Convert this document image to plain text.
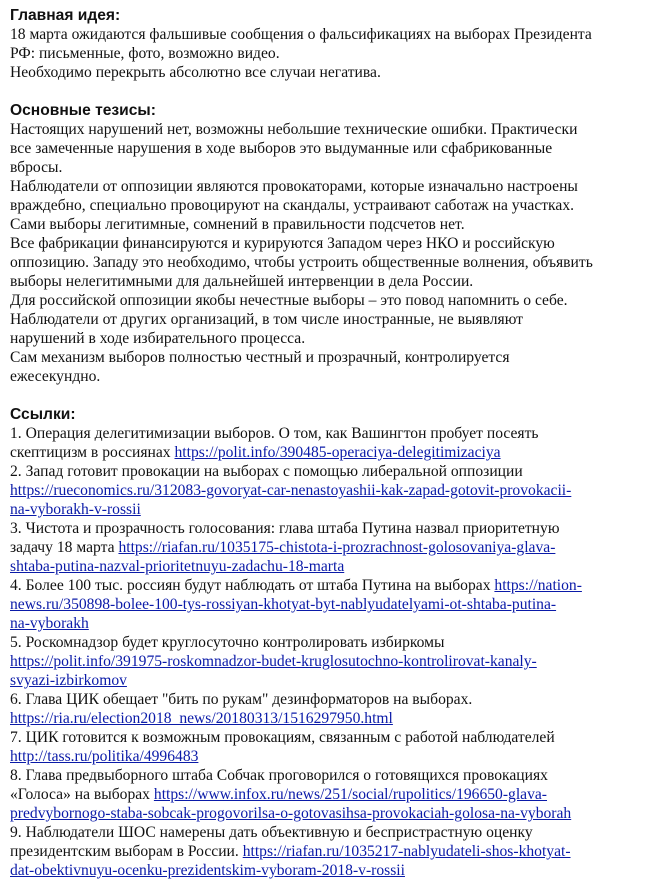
Главная идея:
18 марта ожидаются фальшивые сообщения о фальсификациях на выборах Президента
РФ: письменные, фото, возможно видео.
Необходимо перекрыть абсолютно все случаи негатива.
Основные тезисы:
Настоящих нарушений нет, возможны небольшие технические ошибки. Практически
все замеченные нарушения в ходе выборов это выдуманные или сфабрикованные
вбросы.
Наблюдатели от оппозиции являются провокаторами, которые изначально настроены
враждебно, специально провоцируют на скандалы, устраивают саботаж на участках.
Сами выборы легитимные, сомнений в правильности подсчетов нет.
Все фабрикации финансируются и курируются Западом через НКО и российскую
оппозицию. Западу это необходимо, чтобы устроить общественные волнения, объявить
выборы нелегитимными для дальнейшей интервенции в дела России.
Для российской оппозиции якобы нечестные выборы – это повод напомнить о себе.
Наблюдатели от других организаций, в том числе иностранные, не выявляют
нарушений в ходе избирательного процесса.
Сам механизм выборов полностью честный и прозрачный, контролируется
ежесекундно.
Ссылки:
1. Операция делегитимизации выборов. О том, как Вашингтон пробует посеять
скептицизм в россиянах https://polit.info/390485-operaciya-delegitimizaciya
2. Запад готовит провокации на выборах с помощью либеральной оппозиции
https://rueconomics.ru/312083-govoryat-car-nenastoyashii-kak-zapad-gotovit-provokacii-
na-vyborakh-v-rossii
3. Чистота и прозрачность голосования: глава штаба Путина назвал приоритетную
задачу 18 марта https://riafan.ru/1035175-chistota-i-prozrachnost-golosovaniya-glava-
shtaba-putina-nazval-prioritetnuyu-zadachu-18-marta
4. Более 100 тыс. россиян будут наблюдать от штаба Путина на выборах https://nation-
news.ru/350898-bolee-100-tys-rossiyan-khotyat-byt-nablyudatelyami-ot-shtaba-putina-
na-vyborakh
5. Роскомнадзор будет круглосуточно контролировать избиркомы
https://polit.info/391975-roskomnadzor-budet-kruglosutochno-kontrolirovat-kanaly-
svyazi-izbirkomov
6. Глава ЦИК обещает "бить по рукам" дезинформаторов на выборах.
https://ria.ru/election2018_news/20180313/1516297950.html
7. ЦИК готовится к возможным провокациям, связанным с работой наблюдателей
http://tass.ru/politika/4996483
8. Глава предвыборного штаба Собчак проговорился о готовящихся провокациях
«Голоса» на выборах https://www.infox.ru/news/251/social/rupolitics/196650-glava-
predvybornogo-staba-sobcak-progovorilsa-o-gotovasihsa-provokaciah-golosa-na-vyborah
9. Наблюдатели ШОС намерены дать объективную и беспристрастную оценку
президентским выборам в России. https://riafan.ru/1035217-nablyudateli-shos-khotyat-
dat-obektivnuyu-ocenku-prezidentskim-vyboram-2018-v-rossii
